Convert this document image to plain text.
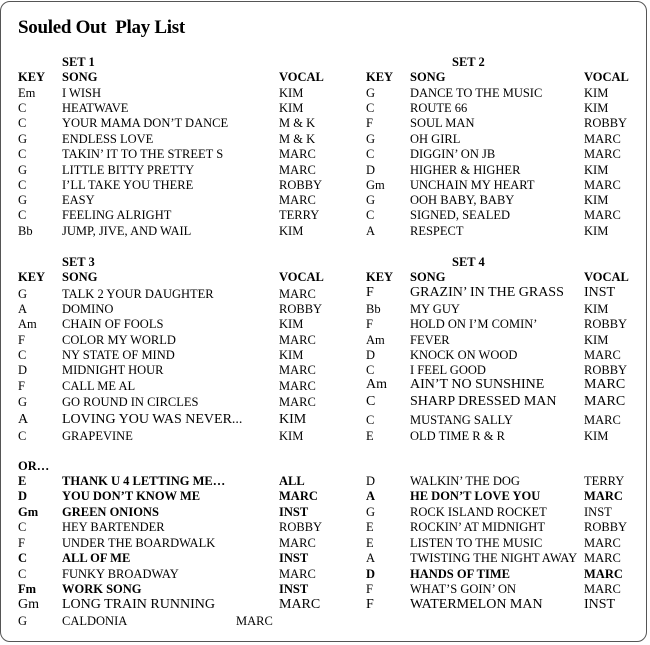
Souled Out  Play List
SET 1
KEY SONG	VOCAL
Em I WISH	KIM
C	HEATWAVE	KIM
C	YOUR MAMA DON’T DANCE	M & K
G	ENDLESS LOVE	M & K
C	TAKIN’ IT TO THE STREET S	MARC
G	LITTLE BITTY PRETTY	MARC
C	I’LL TAKE YOU THERE	ROBBY
G	EASY	MARC
C	FEELING ALRIGHT	TERRY
Bb JUMP, JIVE, AND WAIL	KIM
SET 2
KEY SONG	VOCAL
G	DANCE TO THE MUSIC	KIM
C	ROUTE 66	KIM
F	SOUL MAN	ROBBY
G	OH GIRL	MARC
C	DIGGIN’ ON JB	MARC
D	HIGHER & HIGHER	KIM
Gm UNCHAIN MY HEART	MARC
G	OOH BABY, BABY	KIM
C	SIGNED, SEALED	MARC
A	RESPECT	KIM
SET 3
KEY SONG	VOCAL
G	TALK 2 YOUR DAUGHTER	MARC
A	DOMINO	ROBBY
Am CHAIN OF FOOLS	KIM
F	COLOR MY WORLD	MARC
C	NY STATE OF MIND	KIM
D	MIDNIGHT HOUR	MARC
F	CALL ME AL	MARC
G	GO ROUND IN CIRCLES	MARC
A LOVING YOU WAS NEVER...	KIM
C	GRAPEVINE	KIM
SET 4
KEY SONG	VOCAL
F	GRAZIN’ IN THE GRASS INST
Bb MY GUY	KIM
F	HOLD ON I’M COMIN’	ROBBY
Am FEVER	KIM
D	KNOCK ON WOOD	MARC
C	I FEEL GOOD	ROBBY
Am AIN’T NO SUNSHINE	MARC
C SHARP DRESSED MAN MARC
C	MUSTANG SALLY	MARC
E	OLD TIME R & R	KIM
OR…
E	THANK U 4 LETTING ME…	ALL
D	YOU DON’T KNOW ME	MARC
Gm GREEN ONIONS	INST
C	HEY BARTENDER	ROBBY
F	UNDER THE BOARDWALK	MARC
C	ALL OF ME	INST
C	FUNKY BROADWAY	MARC
Fm WORK SONG	INST
Gm LONG TRAIN RUNNING	MARC
G	CALDONIA	MARC
D	WALKIN’ THE DOG	TERRY
A	HE DON’T LOVE YOU	MARC
G	ROCK ISLAND ROCKET	INST
E	ROCKIN’ AT MIDNIGHT	ROBBY
E	LISTEN TO THE MUSIC	MARC
A	TWISTING THE NIGHT AWAY MARC
D	HANDS OF TIME	MARC
F	WHAT’S GOIN’ ON	MARC
F	WATERMELON MAN	INST
